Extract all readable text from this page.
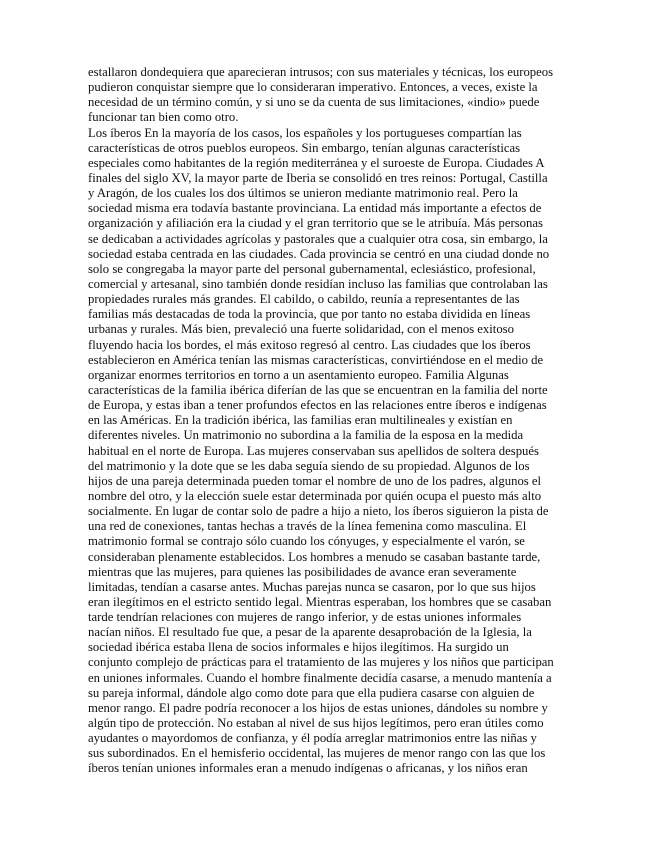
estallaron dondequiera que aparecieran intrusos; con sus materiales y técnicas, los europeos
pudieron conquistar siempre que lo consideraran imperativo. Entonces, a veces, existe la
necesidad de un término común, y si uno se da cuenta de sus limitaciones, «indio» puede
funcionar tan bien como otro.
Los íberos En la mayoría de los casos, los españoles y los portugueses compartían las
características de otros pueblos europeos. Sin embargo, tenían algunas características
especiales como habitantes de la región mediterránea y el suroeste de Europa. Ciudades A
finales del siglo XV, la mayor parte de Iberia se consolidó en tres reinos: Portugal, Castilla
y Aragón, de los cuales los dos últimos se unieron mediante matrimonio real. Pero la
sociedad misma era todavía bastante provinciana. La entidad más importante a efectos de
organización y afiliación era la ciudad y el gran territorio que se le atribuía. Más personas
se dedicaban a actividades agrícolas y pastorales que a cualquier otra cosa, sin embargo, la
sociedad estaba centrada en las ciudades. Cada provincia se centró en una ciudad donde no
solo se congregaba la mayor parte del personal gubernamental, eclesiástico, profesional,
comercial y artesanal, sino también donde residían incluso las familias que controlaban las
propiedades rurales más grandes. El cabildo, o cabildo, reunía a representantes de las
familias más destacadas de toda la provincia, que por tanto no estaba dividida en líneas
urbanas y rurales. Más bien, prevaleció una fuerte solidaridad, con el menos exitoso
fluyendo hacia los bordes, el más exitoso regresó al centro. Las ciudades que los íberos
establecieron en América tenían las mismas características, convirtiéndose en el medio de
organizar enormes territorios en torno a un asentamiento europeo. Familia Algunas
características de la familia ibérica diferían de las que se encuentran en la familia del norte
de Europa, y estas iban a tener profundos efectos en las relaciones entre íberos e indígenas
en las Américas. En la tradición ibérica, las familias eran multilineales y existían en
diferentes niveles. Un matrimonio no subordina a la familia de la esposa en la medida
habitual en el norte de Europa. Las mujeres conservaban sus apellidos de soltera después
del matrimonio y la dote que se les daba seguía siendo de su propiedad. Algunos de los
hijos de una pareja determinada pueden tomar el nombre de uno de los padres, algunos el
nombre del otro, y la elección suele estar determinada por quién ocupa el puesto más alto
socialmente. En lugar de contar solo de padre a hijo a nieto, los íberos siguieron la pista de
una red de conexiones, tantas hechas a través de la línea femenina como masculina. El
matrimonio formal se contrajo sólo cuando los cónyuges, y especialmente el varón, se
consideraban plenamente establecidos. Los hombres a menudo se casaban bastante tarde,
mientras que las mujeres, para quienes las posibilidades de avance eran severamente
limitadas, tendían a casarse antes. Muchas parejas nunca se casaron, por lo que sus hijos
eran ilegítimos en el estricto sentido legal. Mientras esperaban, los hombres que se casaban
tarde tendrían relaciones con mujeres de rango inferior, y de estas uniones informales
nacían niños. El resultado fue que, a pesar de la aparente desaprobación de la Iglesia, la
sociedad ibérica estaba llena de socios informales e hijos ilegítimos. Ha surgido un
conjunto complejo de prácticas para el tratamiento de las mujeres y los niños que participan
en uniones informales. Cuando el hombre finalmente decidía casarse, a menudo mantenía a
su pareja informal, dándole algo como dote para que ella pudiera casarse con alguien de
menor rango. El padre podría reconocer a los hijos de estas uniones, dándoles su nombre y
algún tipo de protección. No estaban al nivel de sus hijos legítimos, pero eran útiles como
ayudantes o mayordomos de confianza, y él podía arreglar matrimonios entre las niñas y
sus subordinados. En el hemisferio occidental, las mujeres de menor rango con las que los
íberos tenían uniones informales eran a menudo indígenas o africanas, y los niños eran
